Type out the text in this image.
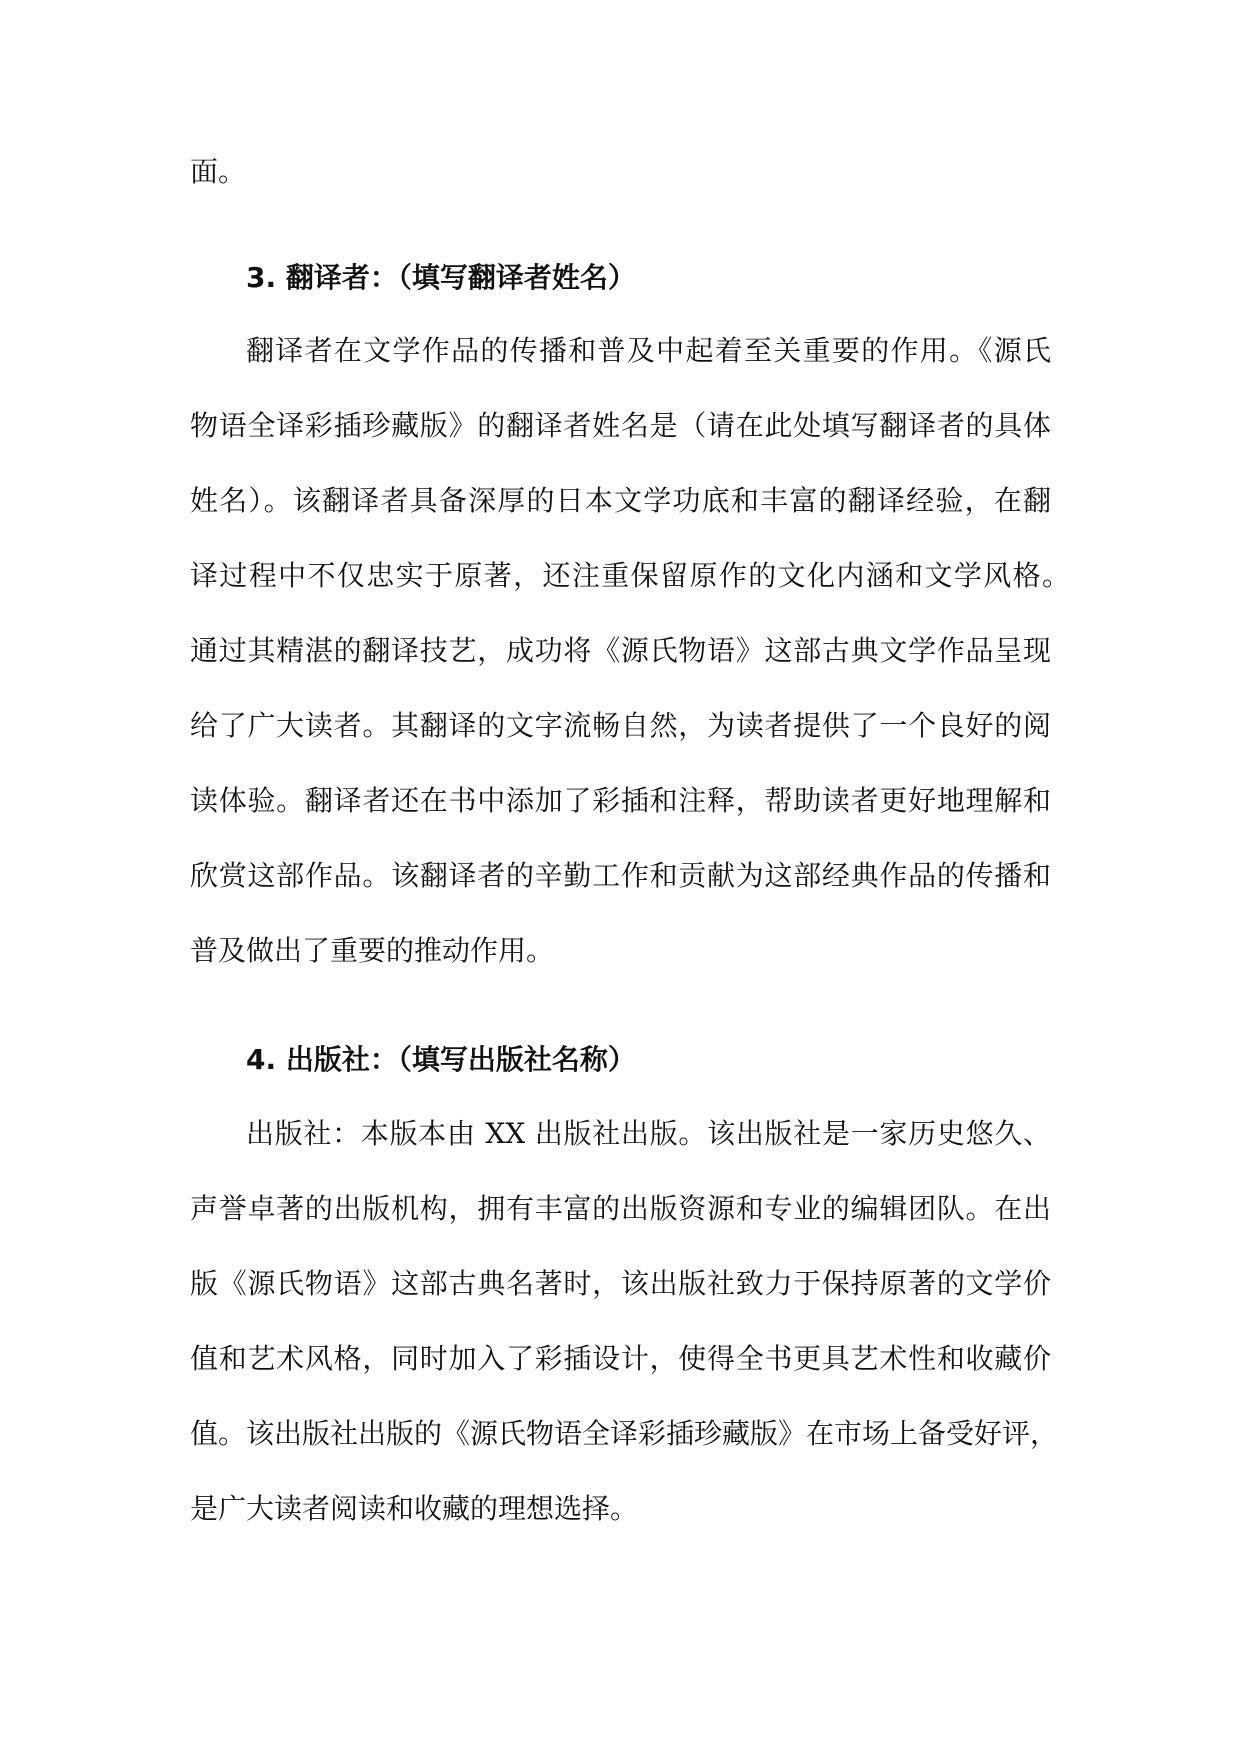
面。
3. 翻译者：（填写翻译者姓名）
翻译者在文学作品的传播和普及中起着至关重要的作用。《源氏
物语全译彩插珍藏版》的翻译者姓名是（请在此处填写翻译者的具体
姓名）。该翻译者具备深厚的日本文学功底和丰富的翻译经验，在翻
译过程中不仅忠实于原著，还注重保留原作的文化内涵和文学风格。
通过其精湛的翻译技艺，成功将《源氏物语》这部古典文学作品呈现
给了广大读者。其翻译的文字流畅自然，为读者提供了一个良好的阅
读体验。翻译者还在书中添加了彩插和注释，帮助读者更好地理解和
欣赏这部作品。该翻译者的辛勤工作和贡献为这部经典作品的传播和
普及做出了重要的推动作用。
4. 出版社：（填写出版社名称）
出版社：本版本由 XX 出版社出版。该出版社是一家历史悠久、
声誉卓著的出版机构，拥有丰富的出版资源和专业的编辑团队。在出
版《源氏物语》这部古典名著时，该出版社致力于保持原著的文学价
值和艺术风格，同时加入了彩插设计，使得全书更具艺术性和收藏价
值。该出版社出版的《源氏物语全译彩插珍藏版》在市场上备受好评，
是广大读者阅读和收藏的理想选择。
